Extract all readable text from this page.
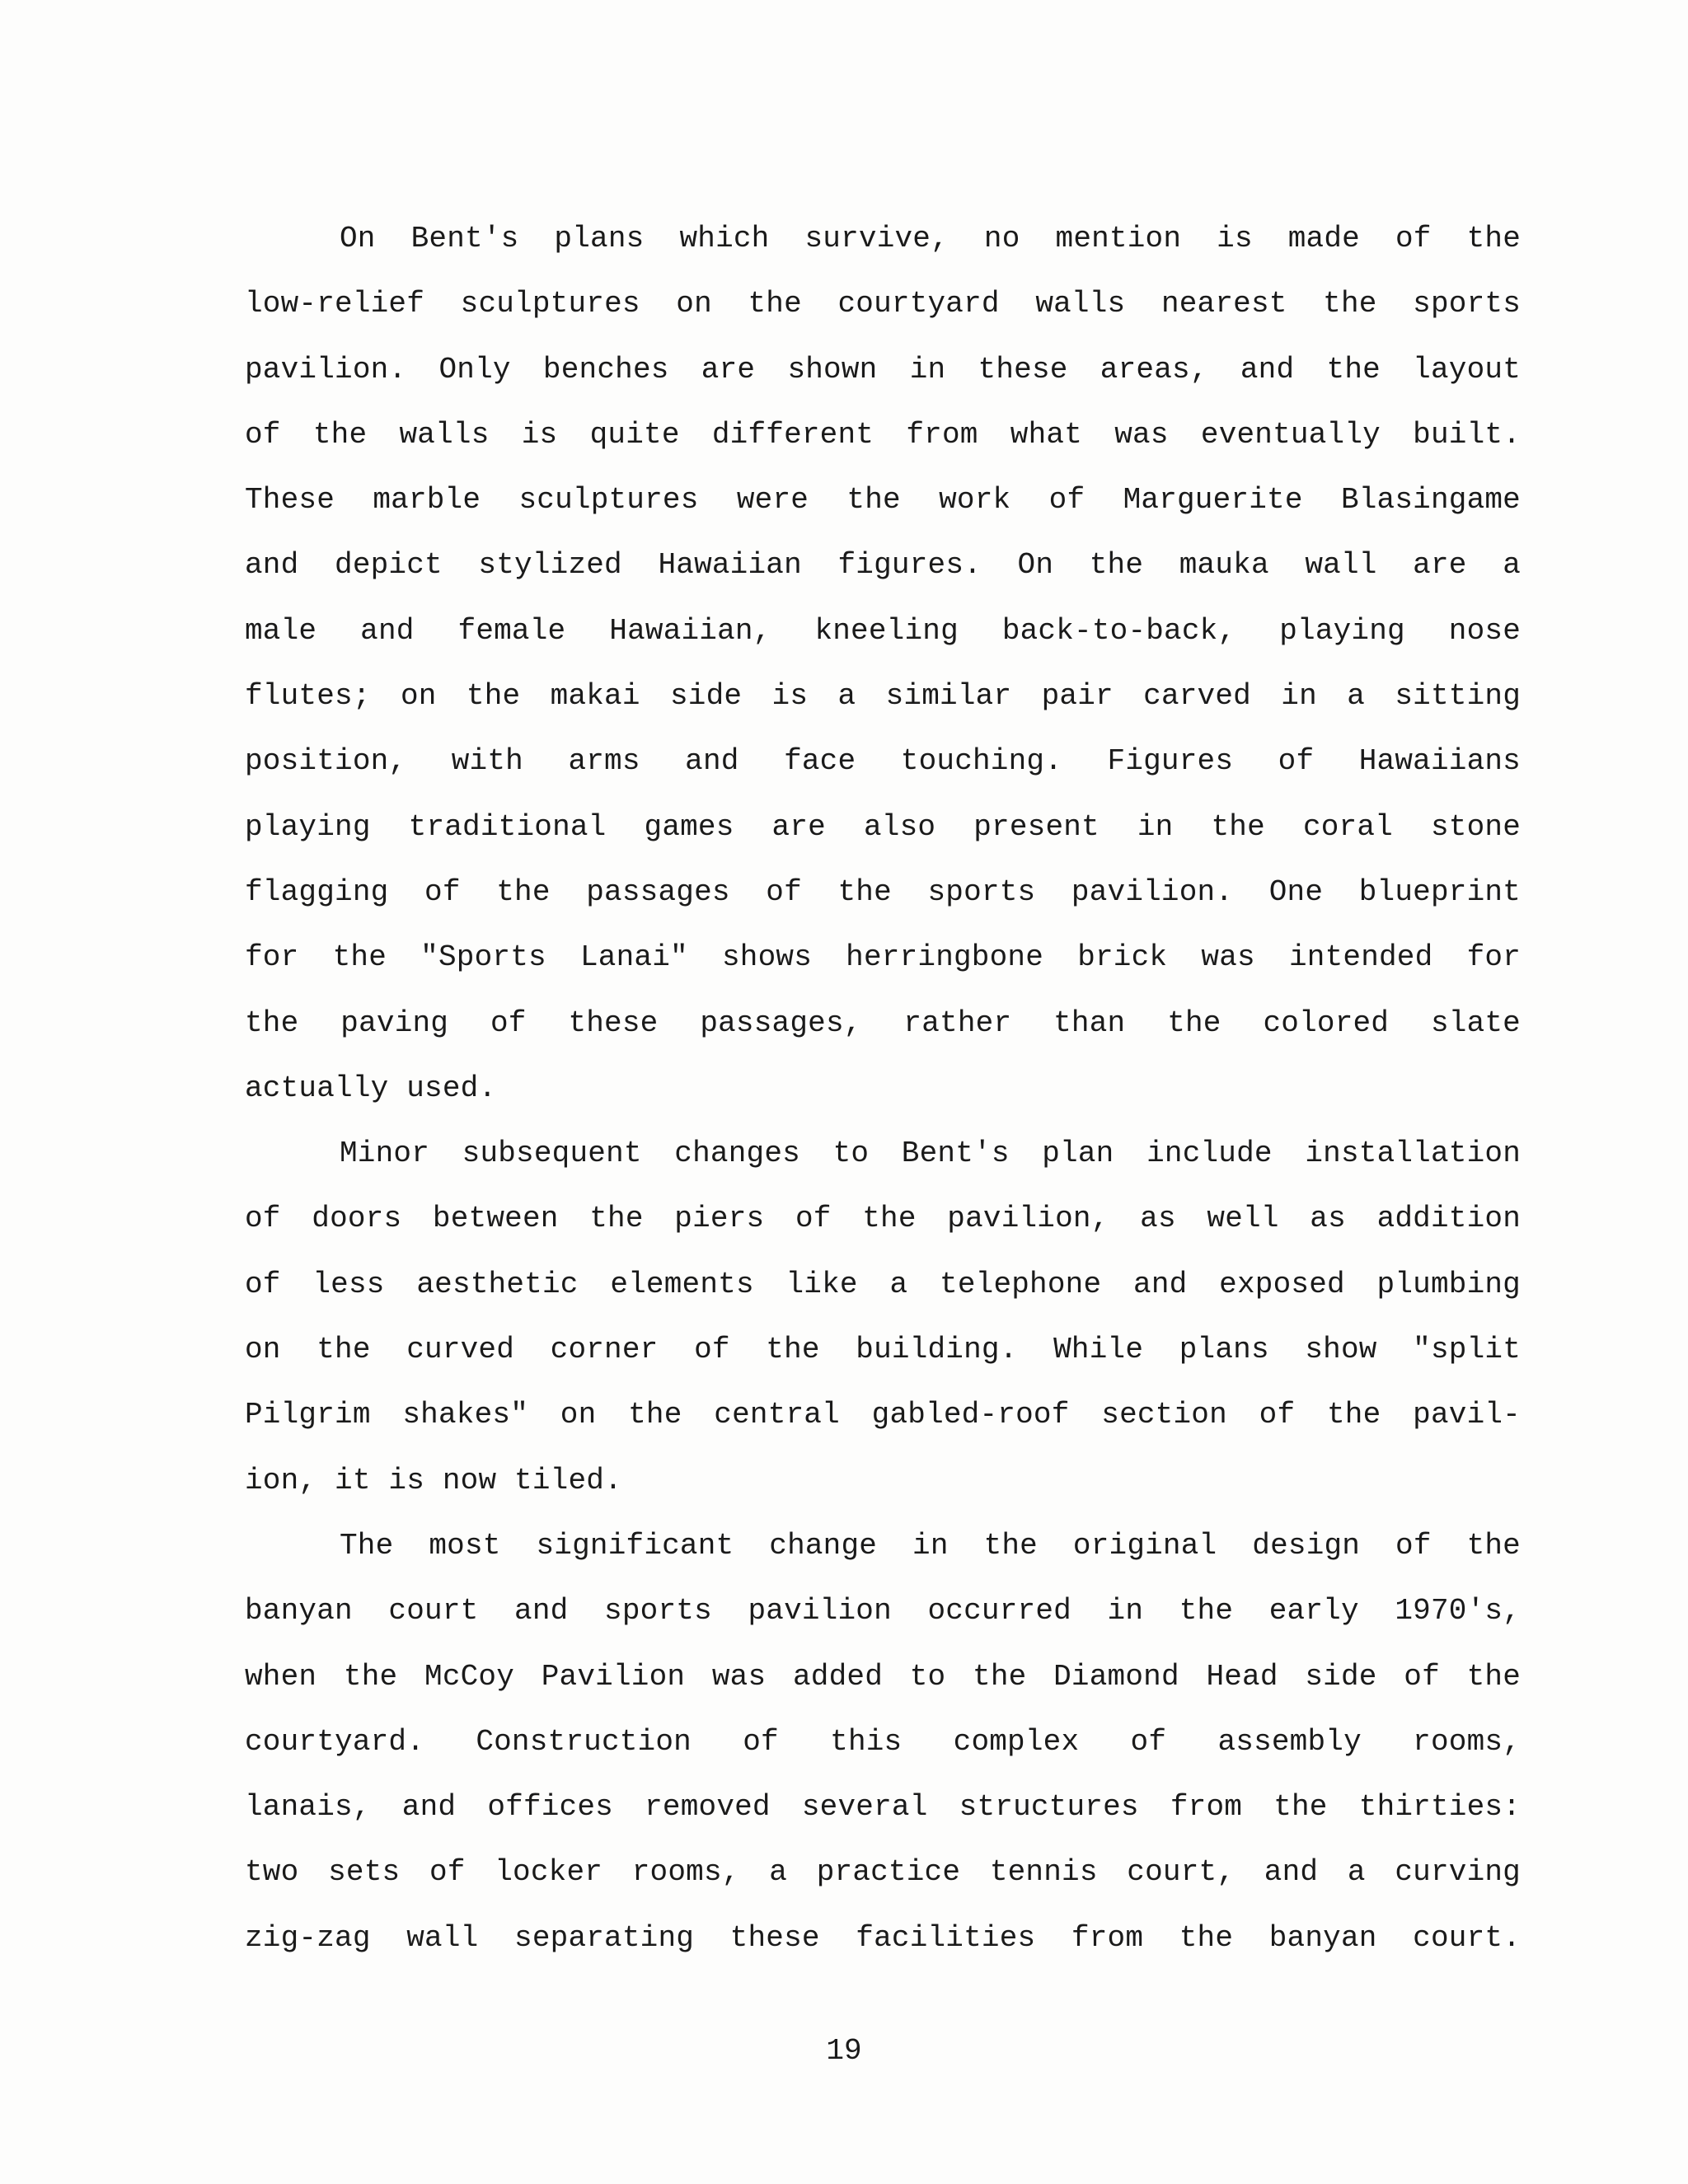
On Bent's plans which survive, no mention is made of the
low-relief sculptures on the courtyard walls nearest the sports
pavilion. Only benches are shown in these areas, and the layout
of the walls is quite different from what was eventually built.
These marble sculptures were the work of Marguerite Blasingame
and depict stylized Hawaiian figures. On the mauka wall are a
male and female Hawaiian, kneeling back-to-back, playing nose
flutes; on the makai side is a similar pair carved in a sitting
position, with arms and face touching. Figures of Hawaiians
playing traditional games are also present in the coral stone
flagging of the passages of the sports pavilion. One blueprint
for the "Sports Lanai" shows herringbone brick was intended for
the paving of these passages, rather than the colored slate
actually used.
Minor subsequent changes to Bent's plan include installation
of doors between the piers of the pavilion, as well as addition
of less aesthetic elements like a telephone and exposed plumbing
on the curved corner of the building. While plans show "split
Pilgrim shakes" on the central gabled-roof section of the pavil-
ion, it is now tiled.
The most significant change in the original design of the
banyan court and sports pavilion occurred in the early 1970's,
when the McCoy Pavilion was added to the Diamond Head side of the
courtyard. Construction of this complex of assembly rooms,
lanais, and offices removed several structures from the thirties:
two sets of locker rooms, a practice tennis court, and a curving
zig-zag wall separating these facilities from the banyan court.
19
